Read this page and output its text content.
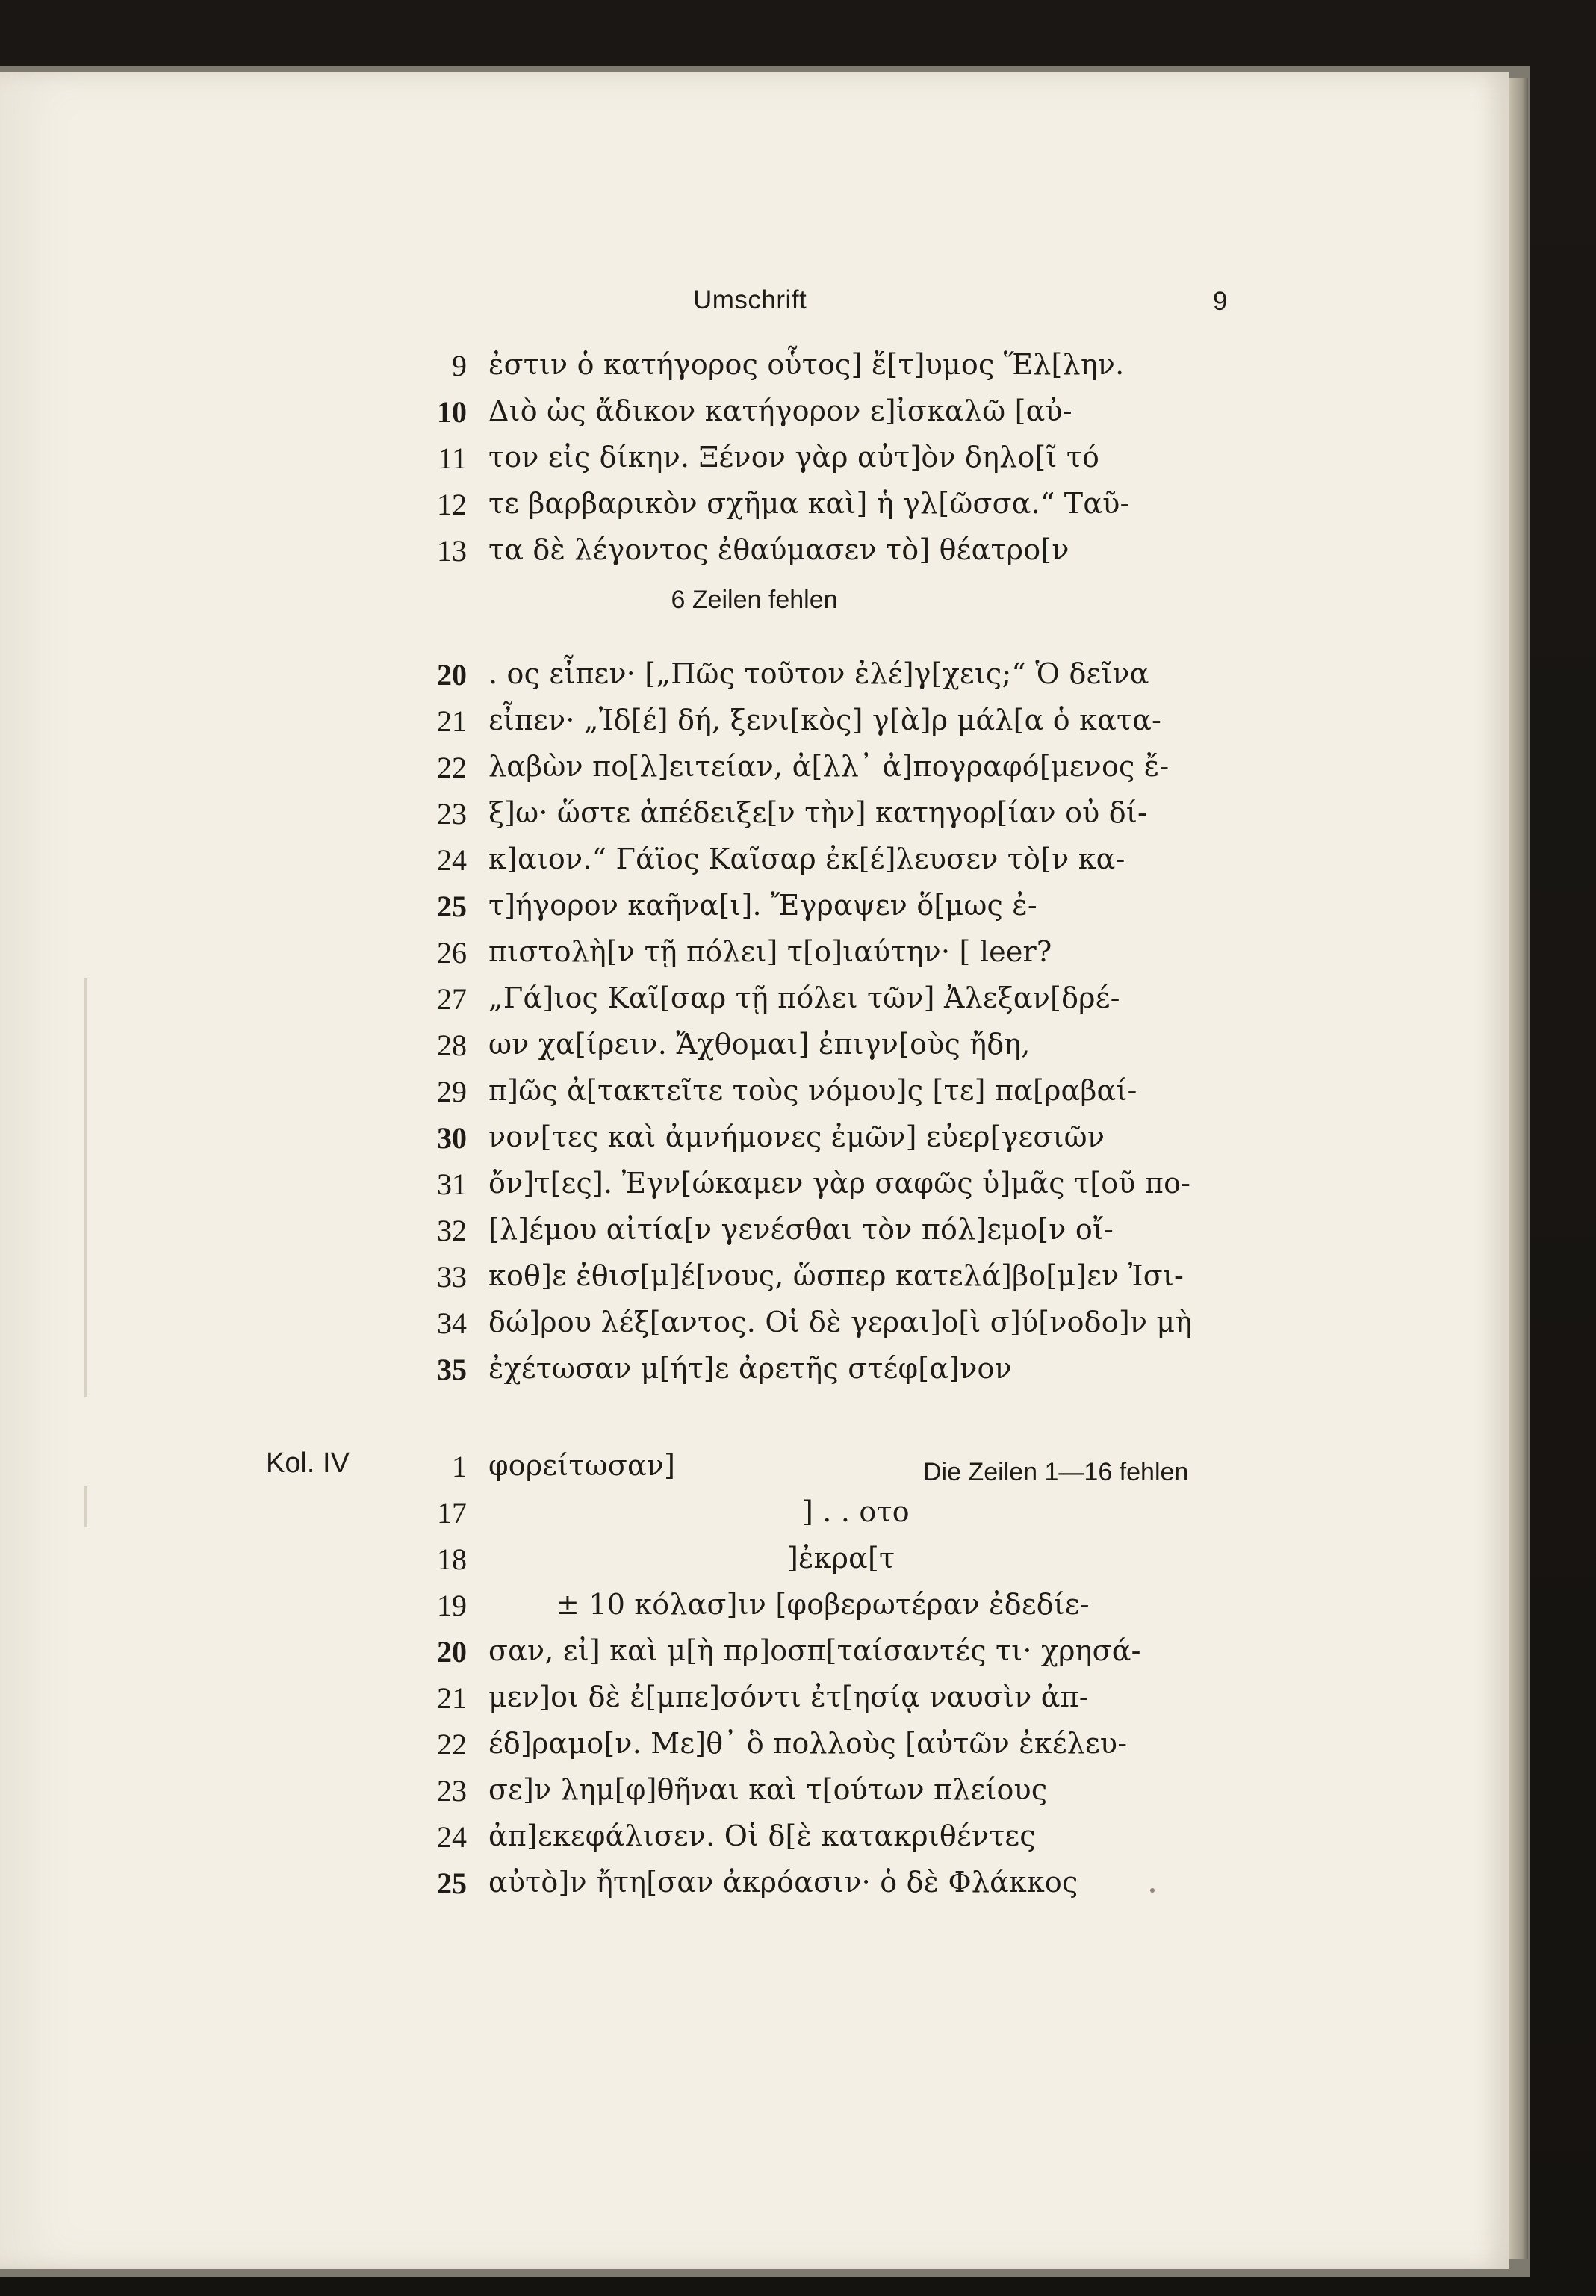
Umschrift	9
9 ἐστιν ὁ κατήγορος οὗτος] ἔ[τ]υμος Ἕλ[λην.
10 Διὸ ὡς ἄδικον κατήγορον ε]ἰσκαλῶ [αὐ-
11 τον εἰς δίκην. Ξένον γὰρ αὐτ]ὸν δηλο[ῖ τό
12 τε βαρβαρικὸν σχῆμα καὶ] ἡ γλ[ῶσσα.“ Ταῦ-
13 τα δὲ λέγοντος ἐθαύμασεν τὸ] θέατρο[ν
6 Zeilen fehlen
20 . ος εἶπεν· [„Πῶς τοῦτον ἐλέ]γ[χεις;“ Ὁ δεῖνα
21 εἶπεν· „Ἰδ[έ] δή, ξενι[κὸς] γ[ὰ]ρ μάλ[α ὁ κατα-
22 λαβὼν πο[λ]ειτείαν, ἀ[λλ᾽ ἀ]πογραφό[μενος ἔ-
23 ξ]ω· ὥστε ἀπέδειξε[ν τὴν] κατηγορ[ίαν οὐ δί-
24 κ]αιον.“ Γάϊος Καῖσαρ ἐκ[έ]λευσεν τὸ[ν κα-
25 τ]ήγορον καῆνα[ι]. Ἔγραψεν ὅ[μως ἐ-
26 πιστολὴ[ν τῇ πόλει] τ[ο]ιαύτην· [ leer?
27 „Γά]ιος Καῖ[σαρ τῇ πόλει τῶν] Ἀλεξαν[δρέ-
28 ων χα[ίρειν. Ἄχθομαι] ἐπιγν[οὺς ἤδη,
29 π]ῶς ἀ[τακτεῖτε τοὺς νόμου]ς [τε] πα[ραβαί-
30 νον[τες καὶ ἀμνήμονες ἐμῶν] εὐερ[γεσιῶν
31 ὄν]τ[ες]. Ἐγν[ώκαμεν γὰρ σαφῶς ὑ]μᾶς τ[οῦ πο-
32 [λ]έμου αἰτία[ν γενέσθαι τὸν πόλ]εμο[ν οἴ-
33 κοθ]ε ἐθισ[μ]έ[νους, ὥσπερ κατελά]βο[μ]εν Ἰσι-
34 δώ]ρου λέξ[αντος. Οἱ δὲ γεραι]ο[ὶ σ]ύ[νοδο]ν μὴ
35 ἐχέτωσαν μ[ήτ]ε ἀρετῆς στέφ[α]νον
Kol. IV	Die Zeilen 1—16 fehlen
1 φορείτωσαν]
17	] . . οτο
18	]ἐκρα[τ
19	± 10 κόλασ]ιν [φοβερωτέραν ἐδεδίε-
20 σαν, εἰ] καὶ μ[ὴ πρ]οσπ[ταίσαντές τι· χρησά-
21 μεν]οι δὲ ἐ[μπε]σόντι ἐτ[ησίᾳ ναυσὶν ἀπ-
22 έδ]ραμο[ν. Με]θ᾽ ὃ πολλοὺς [αὐτῶν ἐκέλευ-
23 σε]ν λημ[φ]θῆναι καὶ τ[ούτων πλείους
24 ἀπ]εκεφάλισεν. Οἱ δ[ὲ κατακριθέντες
25 αὐτὸ]ν ἤτη[σαν ἀκρόασιν· ὁ δὲ Φλάκκος
